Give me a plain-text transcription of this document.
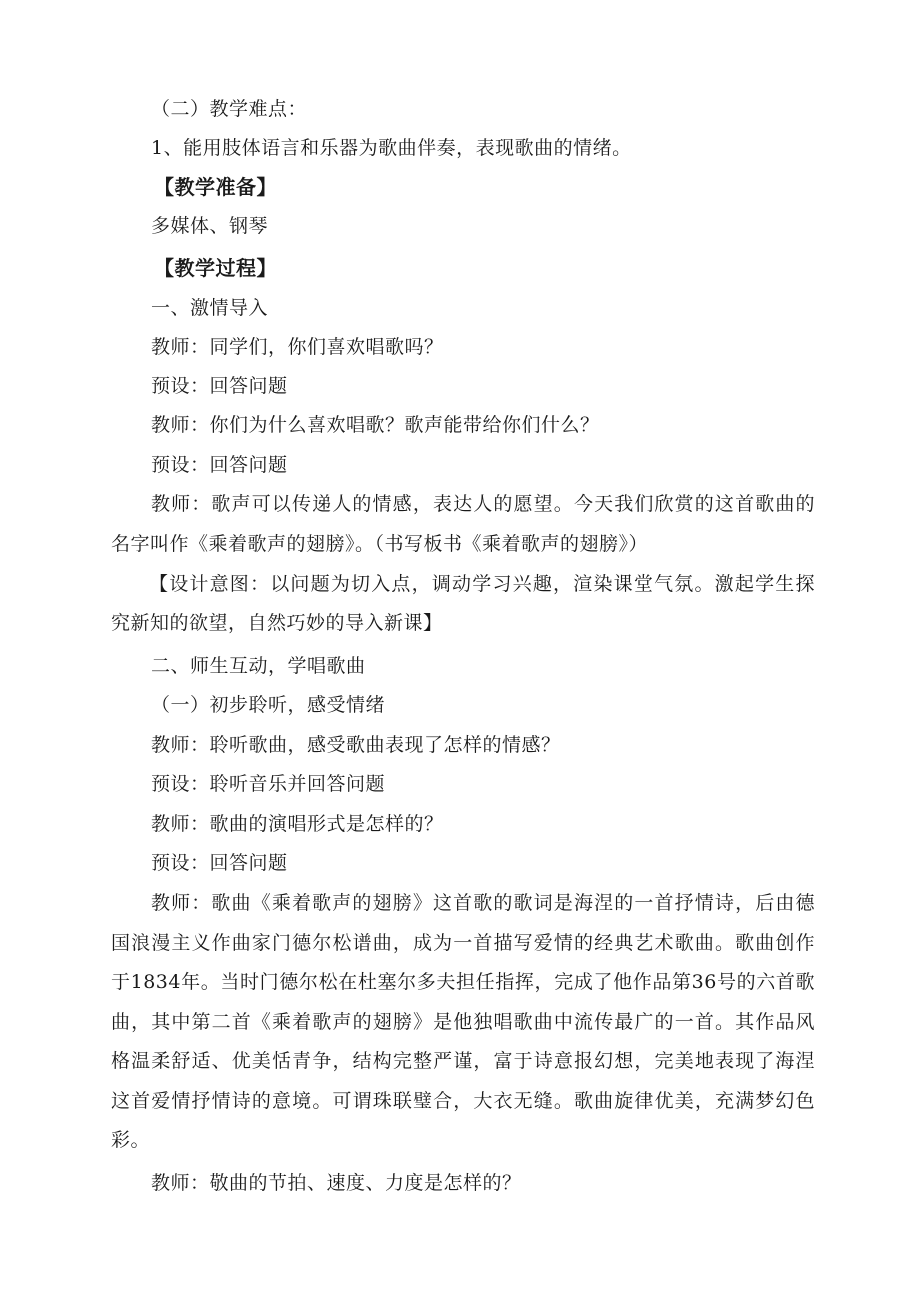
（二）教学难点：
1、能用肢体语言和乐器为歌曲伴奏，表现歌曲的情绪。
【教学准备】
多媒体、钢琴
【教学过程】
一、激情导入
教师：同学们，你们喜欢唱歌吗？
预设：回答问题
教师：你们为什么喜欢唱歌？歌声能带给你们什么？
预设：回答问题
教师：歌声可以传递人的情感，表达人的愿望。今天我们欣赏的这首歌曲的
名字叫作《乘着歌声的翅膀》。（书写板书《乘着歌声的翅膀》）
【设计意图：以问题为切入点，调动学习兴趣，渲染课堂气氛。激起学生探
究新知的欲望，自然巧妙的导入新课】
二、师生互动，学唱歌曲
（一）初步聆听，感受情绪
教师：聆听歌曲，感受歌曲表现了怎样的情感？
预设：聆听音乐并回答问题
教师：歌曲的演唱形式是怎样的？
预设：回答问题
教师：歌曲《乘着歌声的翅膀》这首歌的歌词是海涅的一首抒情诗，后由德
国浪漫主义作曲家门德尔松谱曲，成为一首描写爱情的经典艺术歌曲。歌曲创作
于1834年。当时门德尔松在杜塞尔多夫担任指挥，完成了他作品第36号的六首歌
曲，其中第二首《乘着歌声的翅膀》是他独唱歌曲中流传最广的一首。其作品风
格温柔舒适、优美恬青争，结构完整严谨，富于诗意报幻想，完美地表现了海涅
这首爱情抒情诗的意境。可谓珠联璧合，大衣无缝。歌曲旋律优美，充满梦幻色
彩。
教师：敬曲的节拍、速度、力度是怎样的？
